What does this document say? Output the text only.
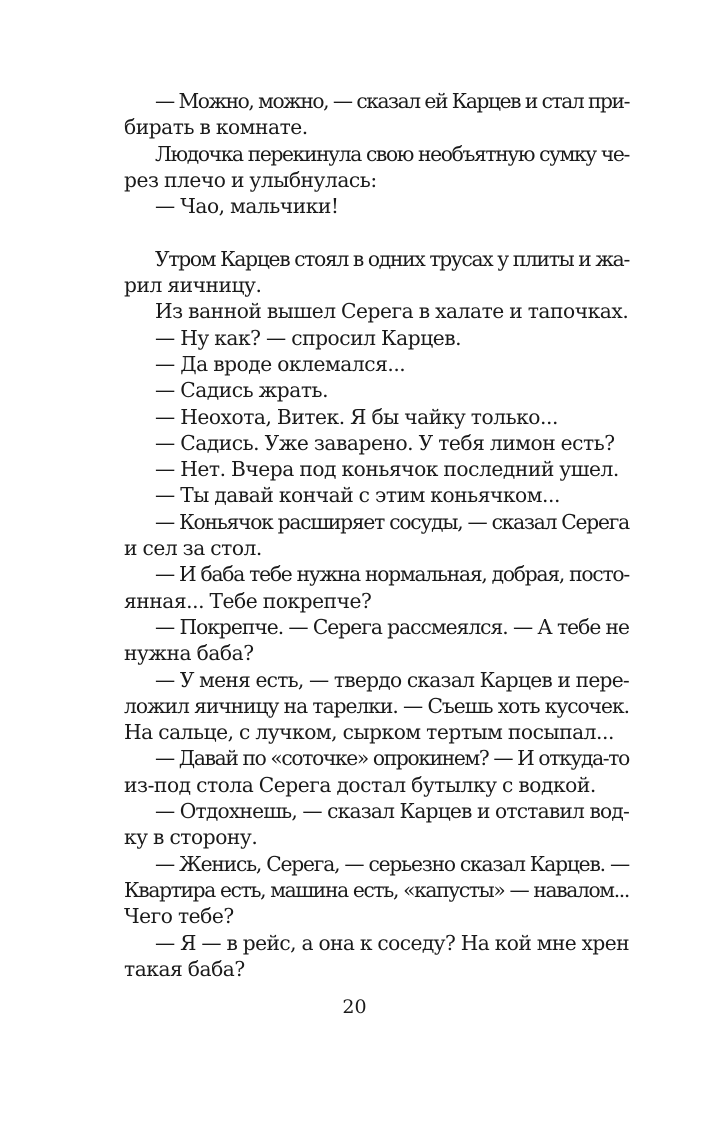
— Можно, можно, — сказал ей Карцев и стал при-
бирать в комнате.
Людочка перекинула свою необъятную сумку че-
рез плечо и улыбнулась:
— Чао, мальчики!
Утром Карцев стоял в одних трусах у плиты и жа-
рил яичницу.
Из ванной вышел Серега в халате и тапочках.
— Ну как? — спросил Карцев.
— Да вроде оклемался...
— Садись жрать.
— Неохота, Витек. Я бы чайку только...
— Садись. Уже заварено. У тебя лимон есть?
— Нет. Вчера под коньячок последний ушел.
— Ты давай кончай с этим коньячком...
— Коньячок расширяет сосуды, — сказал Серега
и сел за стол.
— И баба тебе нужна нормальная, добрая, посто-
янная... Тебе покрепче?
— Покрепче. — Серега рассмеялся. — А тебе не
нужна баба?
— У меня есть, — твердо сказал Карцев и пере-
ложил яичницу на тарелки. — Съешь хоть кусочек.
На сальце, с лучком, сырком тертым посыпал...
— Давай по «соточке» опрокинем? — И откуда-то
из-под стола Серега достал бутылку с водкой.
— Отдохнешь, — сказал Карцев и отставил вод-
ку в сторону.
— Женись, Серега, — серьезно сказал Карцев. —
Квартира есть, машина есть, «капусты» — навалом...
Чего тебе?
— Я — в рейс, а она к соседу? На кой мне хрен
такая баба?
20
